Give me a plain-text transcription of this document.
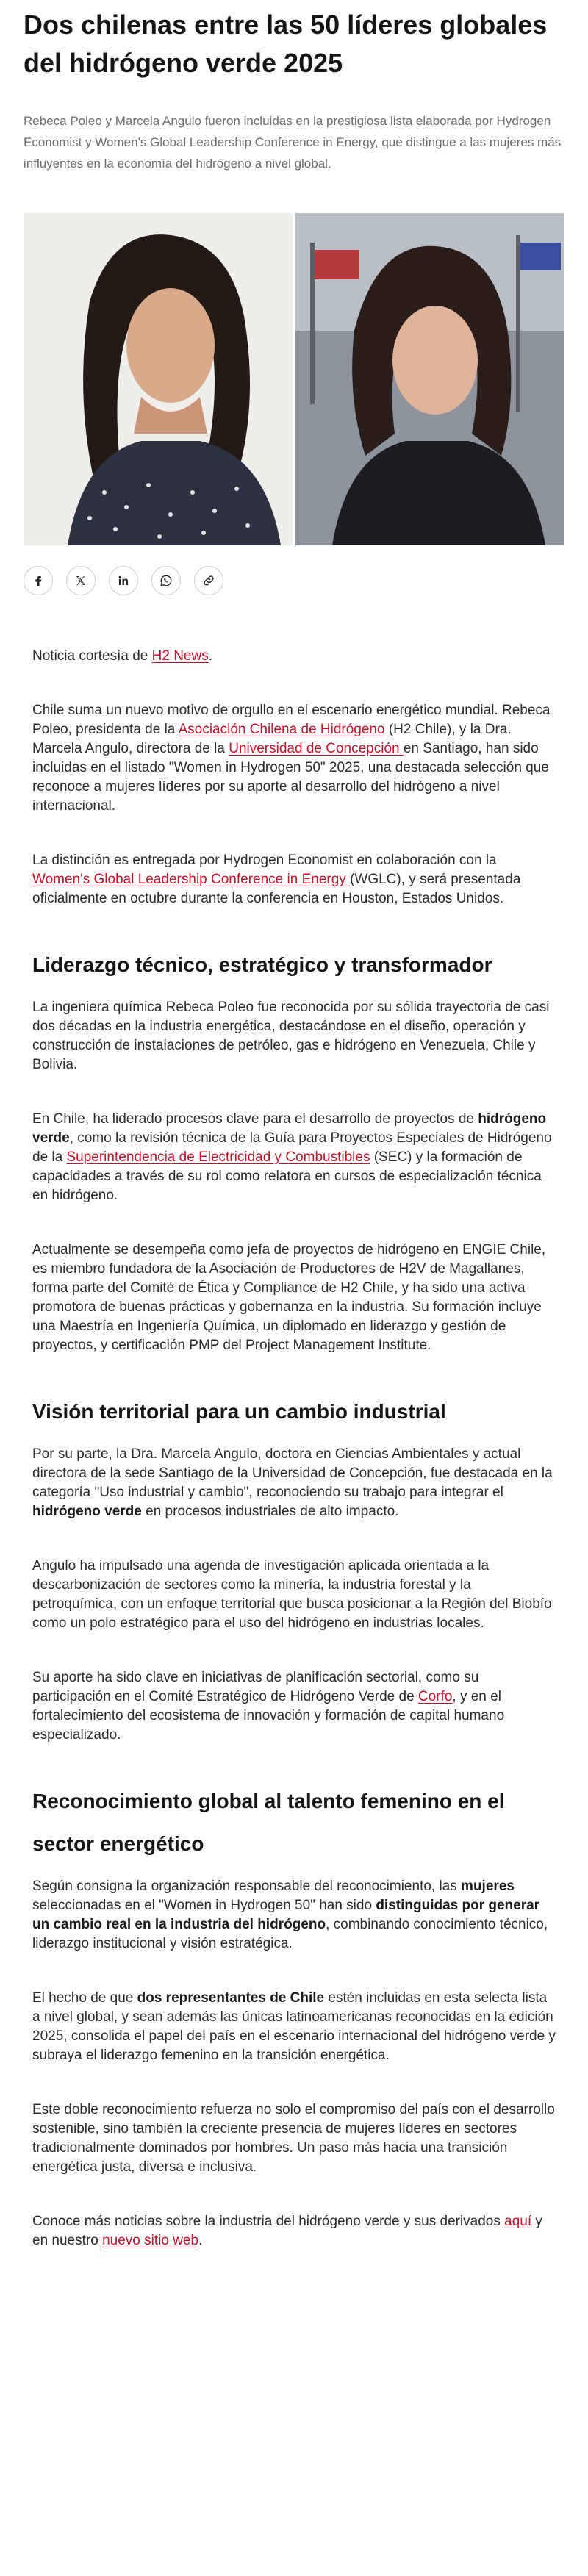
Dos chilenas entre las 50 líderes globales del hidrógeno verde 2025

Rebeca Poleo y Marcela Angulo fueron incluidas en la prestigiosa lista elaborada por Hydrogen Economist y Women's Global Leadership Conference in Energy, que distingue a las mujeres más influyentes en la economía del hidrógeno a nivel global.

Noticia cortesía de H2 News.

Chile suma un nuevo motivo de orgullo en el escenario energético mundial. Rebeca Poleo, presidenta de la Asociación Chilena de Hidrógeno (H2 Chile), y la Dra. Marcela Angulo, directora de la Universidad de Concepción en Santiago, han sido incluidas en el listado "Women in Hydrogen 50" 2025, una destacada selección que reconoce a mujeres líderes por su aporte al desarrollo del hidrógeno a nivel internacional.

La distinción es entregada por Hydrogen Economist en colaboración con la Women's Global Leadership Conference in Energy (WGLC), y será presentada oficialmente en octubre durante la conferencia en Houston, Estados Unidos.

Liderazgo técnico, estratégico y transformador

La ingeniera química Rebeca Poleo fue reconocida por su sólida trayectoria de casi dos décadas en la industria energética, destacándose en el diseño, operación y construcción de instalaciones de petróleo, gas e hidrógeno en Venezuela, Chile y Bolivia.

En Chile, ha liderado procesos clave para el desarrollo de proyectos de hidrógeno verde, como la revisión técnica de la Guía para Proyectos Especiales de Hidrógeno de la Superintendencia de Electricidad y Combustibles (SEC) y la formación de capacidades a través de su rol como relatora en cursos de especialización técnica en hidrógeno.

Actualmente se desempeña como jefa de proyectos de hidrógeno en ENGIE Chile, es miembro fundadora de la Asociación de Productores de H2V de Magallanes, forma parte del Comité de Ética y Compliance de H2 Chile, y ha sido una activa promotora de buenas prácticas y gobernanza en la industria. Su formación incluye una Maestría en Ingeniería Química, un diplomado en liderazgo y gestión de proyectos, y certificación PMP del Project Management Institute.

Visión territorial para un cambio industrial

Por su parte, la Dra. Marcela Angulo, doctora en Ciencias Ambientales y actual directora de la sede Santiago de la Universidad de Concepción, fue destacada en la categoría "Uso industrial y cambio", reconociendo su trabajo para integrar el hidrógeno verde en procesos industriales de alto impacto.

Angulo ha impulsado una agenda de investigación aplicada orientada a la descarbonización de sectores como la minería, la industria forestal y la petroquímica, con un enfoque territorial que busca posicionar a la Región del Biobío como un polo estratégico para el uso del hidrógeno en industrias locales.

Su aporte ha sido clave en iniciativas de planificación sectorial, como su participación en el Comité Estratégico de Hidrógeno Verde de Corfo, y en el fortalecimiento del ecosistema de innovación y formación de capital humano especializado.

Reconocimiento global al talento femenino en el sector energético

Según consigna la organización responsable del reconocimiento, las mujeres seleccionadas en el "Women in Hydrogen 50" han sido distinguidas por generar un cambio real en la industria del hidrógeno, combinando conocimiento técnico, liderazgo institucional y visión estratégica.

El hecho de que dos representantes de Chile estén incluidas en esta selecta lista a nivel global, y sean además las únicas latinoamericanas reconocidas en la edición 2025, consolida el papel del país en el escenario internacional del hidrógeno verde y subraya el liderazgo femenino en la transición energética.

Este doble reconocimiento refuerza no solo el compromiso del país con el desarrollo sostenible, sino también la creciente presencia de mujeres líderes en sectores tradicionalmente dominados por hombres. Un paso más hacia una transición energética justa, diversa e inclusiva.

Conoce más noticias sobre la industria del hidrógeno verde y sus derivados aquí y en nuestro nuevo sitio web.
